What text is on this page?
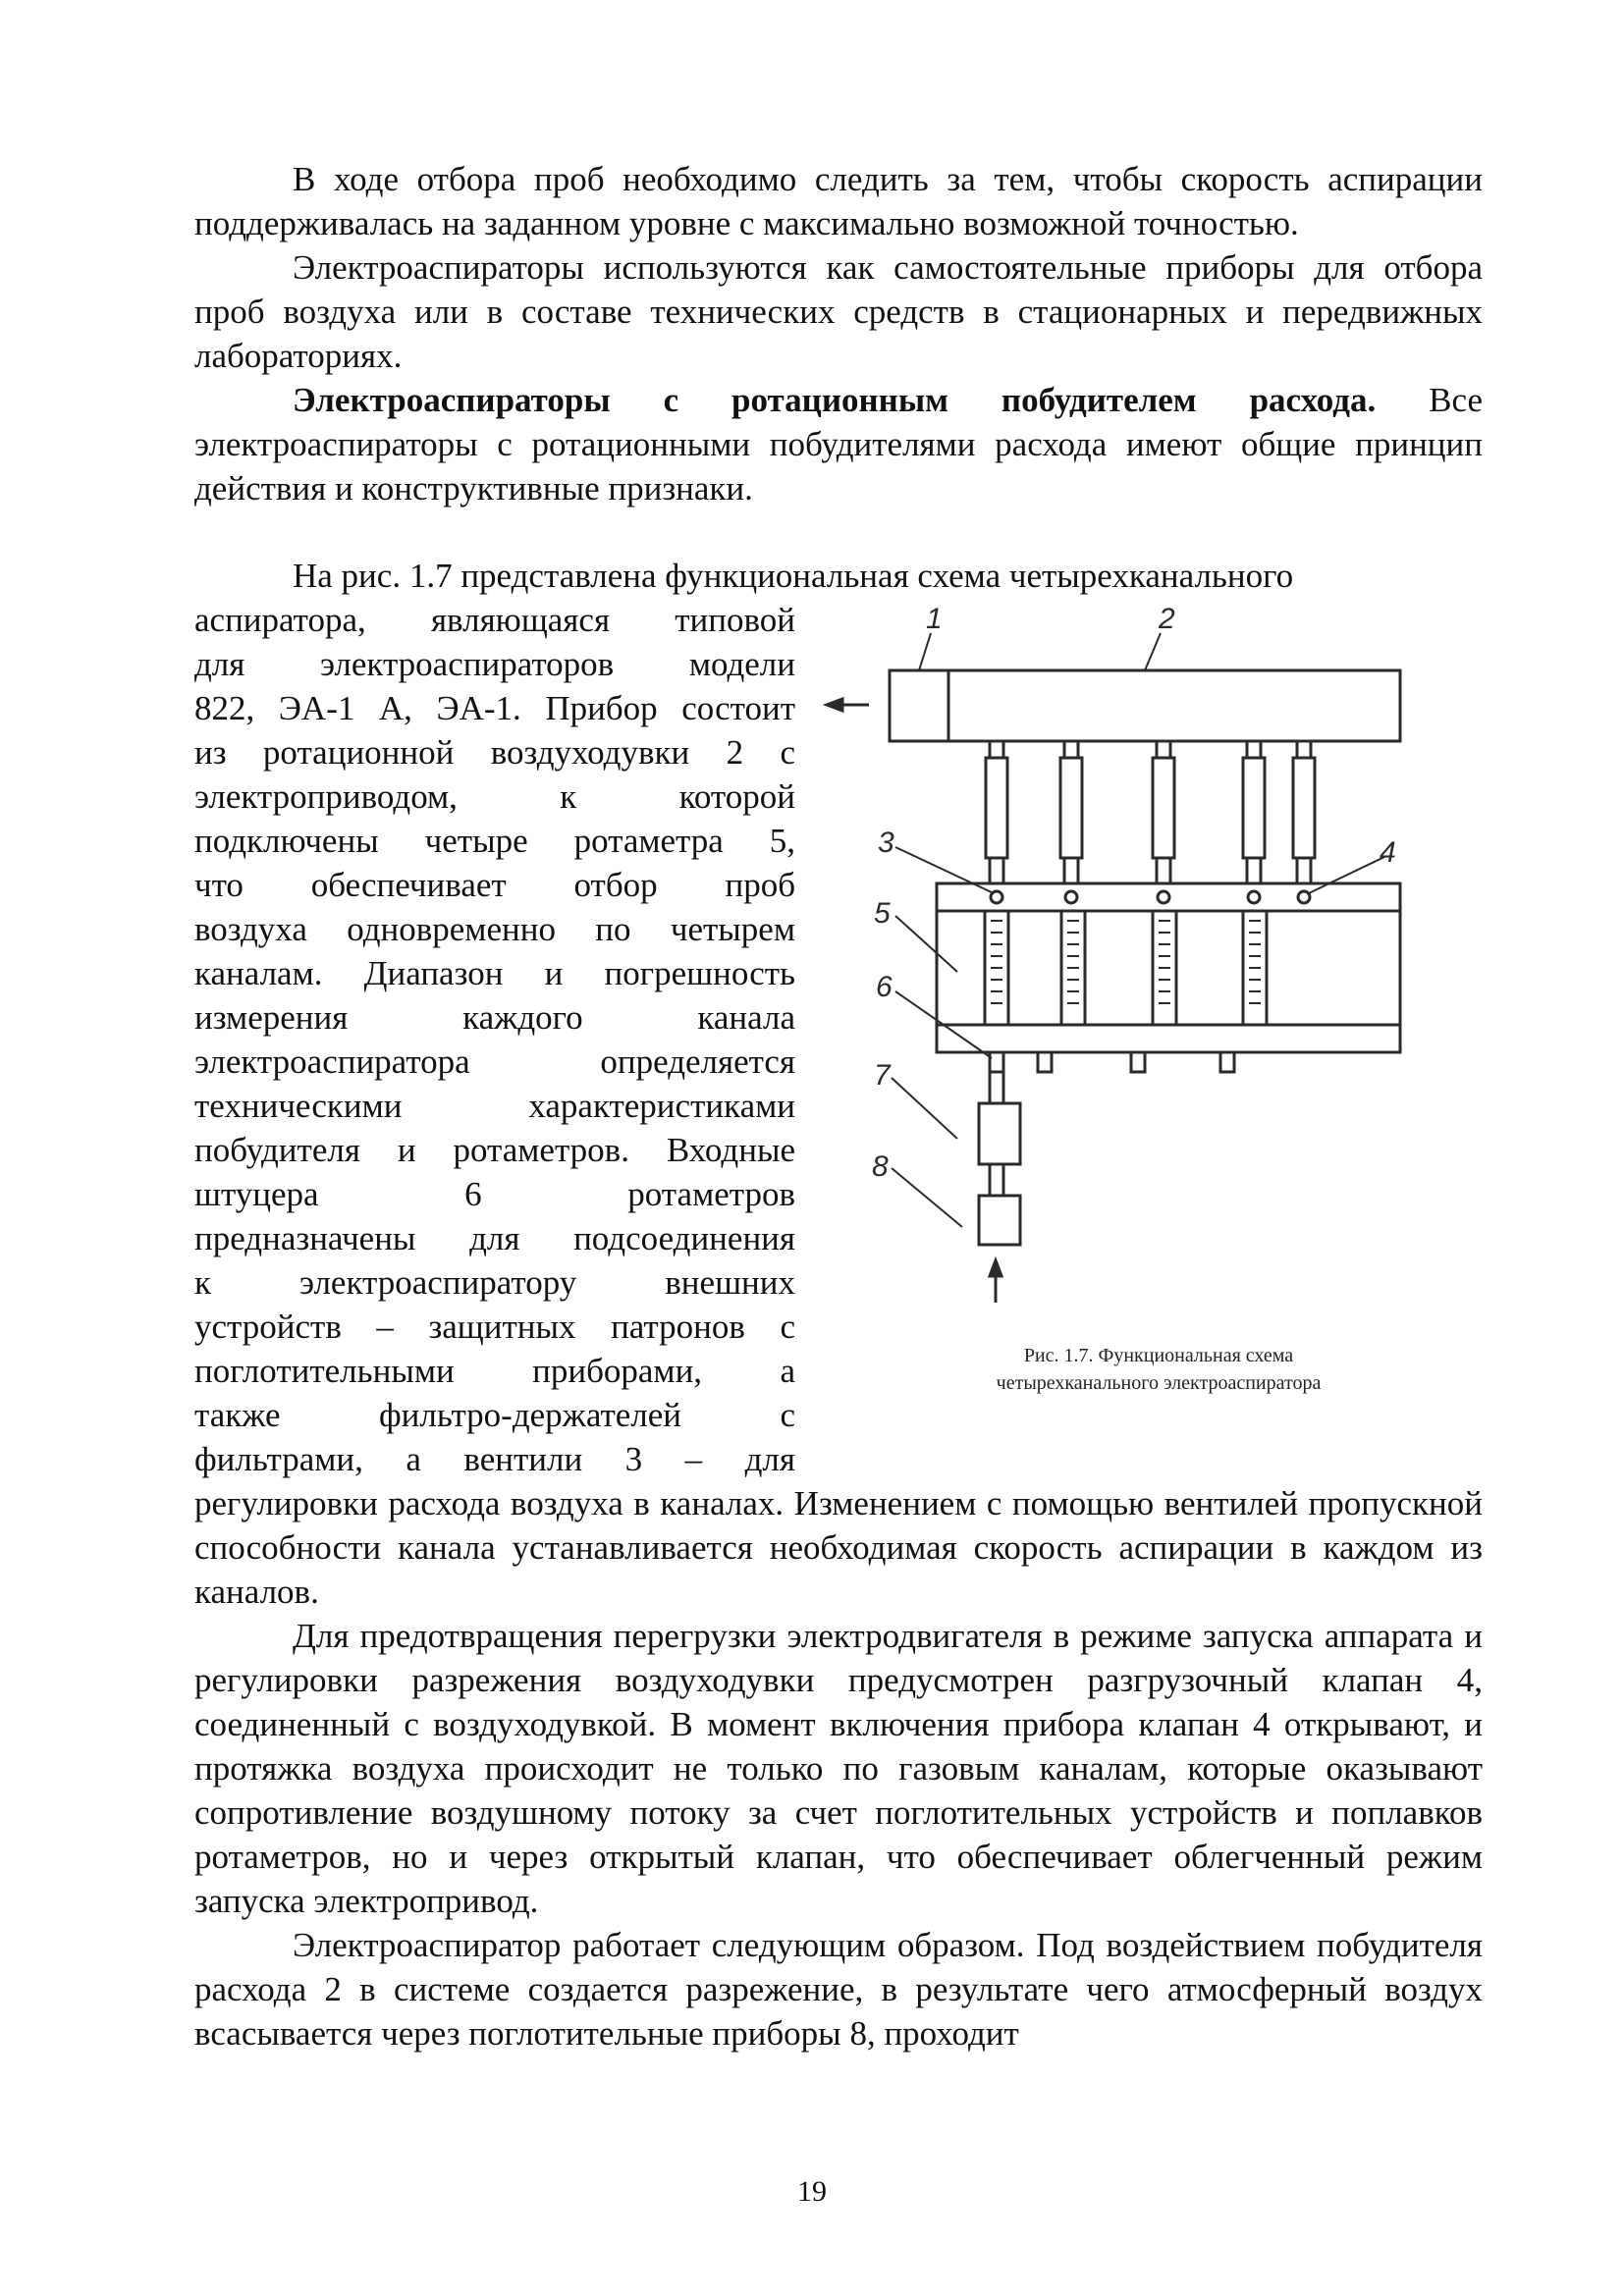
В ходе отбора проб необходимо следить за тем, чтобы скорость аспирации поддерживалась на заданном уровне с максимально возможной точностью.

Электроаспираторы используются как самостоятельные приборы для отбора проб воздуха или в составе технических средств в стационарных и передвижных лабораториях.

Электроаспираторы с ротационным побудителем расхода. Все электроаспираторы с ротационными побудителями расхода имеют общие принцип действия и конструктивные признаки.

На рис. 1.7 представлена функциональная схема четырехканального

аспиратора, являющаяся типовой
для электроаспираторов модели
822, ЭА-1 А, ЭА-1. Прибор состоит
из ротационной воздуходувки 2 с
электроприводом, к которой
подключены четыре ротаметра 5,
что обеспечивает отбор проб
воздуха одновременно по четырем
каналам. Диапазон и погрешность
измерения каждого канала
электроаспиратора определяется
техническими характеристиками
побудителя и ротаметров. Входные
штуцера 6 ротаметров
предназначены для подсоединения
к электроаспиратору внешних
устройств – защитных патронов с
поглотительными приборами, а
также фильтро-держателей с
фильтрами, а вентили 3 – для
1	2
3	4
5
6
7
8
Рис. 1.7. Функциональная схема
четырехканального электроаспиратора

регулировки расхода воздуха в каналах. Изменением с помощью вентилей пропускной способности канала устанавливается необходимая скорость аспирации в каждом из каналов.

Для предотвращения перегрузки электродвигателя в режиме запуска аппарата и регулировки разрежения воздуходувки предусмотрен разгрузочный клапан 4, соединенный с воздуходувкой. В момент включения прибора клапан 4 открывают, и протяжка воздуха происходит не только по газовым каналам, которые оказывают сопротивление воздушному потоку за счет поглотительных устройств и поплавков ротаметров, но и через открытый клапан, что обеспечивает облегченный режим запуска электропривод.

Электроаспиратор работает следующим образом. Под воздействием побудителя расхода 2 в системе создается разрежение, в результате чего атмосферный воздух всасывается через поглотительные приборы 8, проходит

19
